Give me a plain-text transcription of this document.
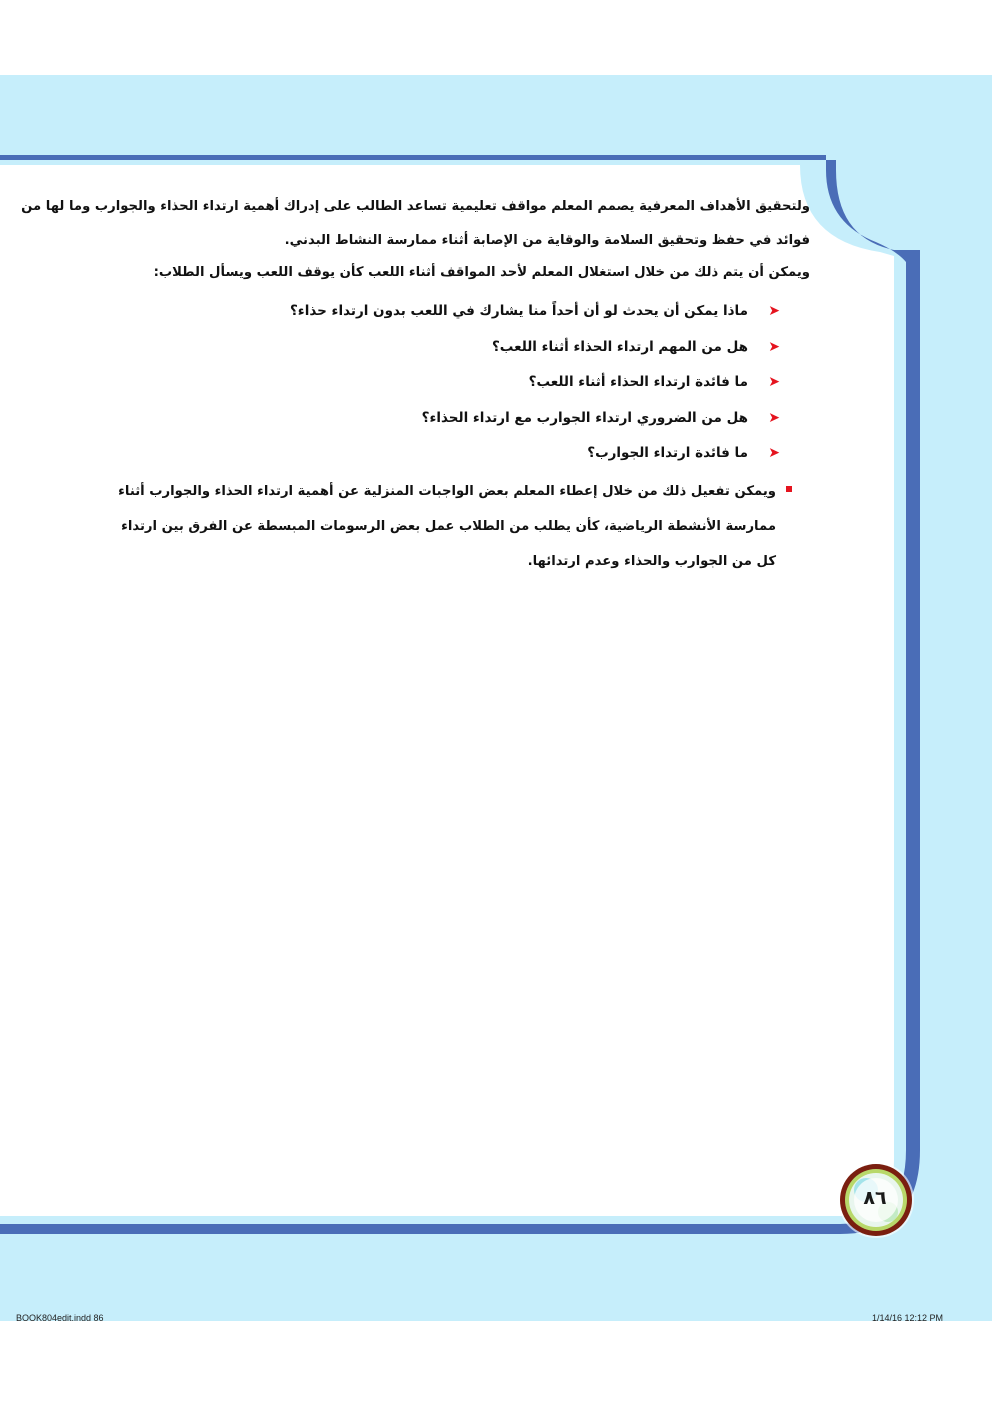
ولتحقيق الأهداف المعرفية يصمم المعلم مواقف تعليمية تساعد الطالب على إدراك أهمية ارتداء الحذاء والجوارب وما لها من

فوائد في حفظ وتحقيق السلامة والوقاية من الإصابة أثناء ممارسة النشاط البدني.

ويمكن أن يتم ذلك من خلال استغلال المعلم لأحد المواقف أثناء اللعب كأن يوقف اللعب ويسأل الطلاب:

➤
ماذا يمكن أن يحدث لو أن أحداً منا يشارك في اللعب بدون ارتداء حذاء؟
➤
هل من المهم ارتداء الحذاء أثناء اللعب؟
➤
ما فائدة ارتداء الحذاء أثناء اللعب؟
➤
هل من الضروري ارتداء الجوارب مع ارتداء الحذاء؟
➤
ما فائدة ارتداء الجوارب؟
ويمكن تفعيل ذلك من خلال إعطاء المعلم بعض الواجبات المنزلية عن أهمية ارتداء الحذاء والجوارب أثناء
ممارسة الأنشطة الرياضية، كأن يطلب من الطلاب عمل بعض الرسومات المبسطة عن الفرق بين ارتداء
كل من الجوارب والحذاء وعدم ارتدائها.
٨٦
BOOK804edit.indd 86	1/14/16 12:12 PM
